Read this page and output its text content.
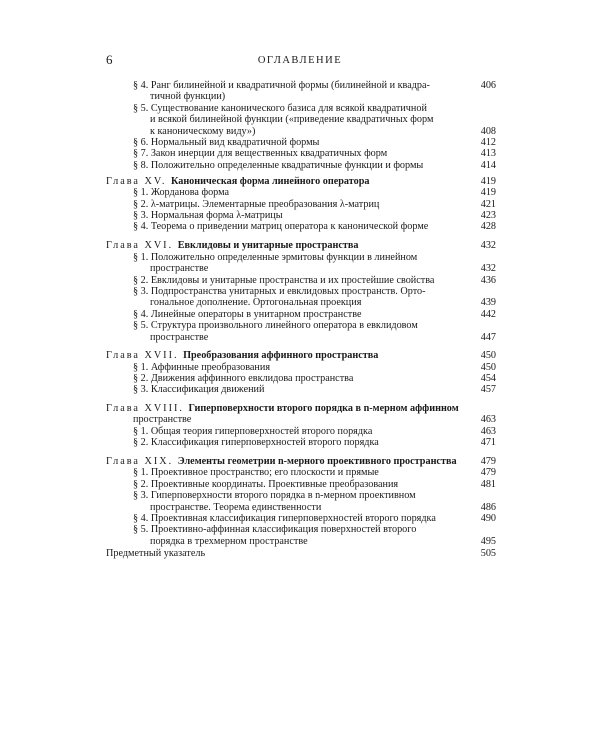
6	ОГЛАВЛЕНИЕ
§ 4. Ранг билинейной и квадратичной формы (билинейной и квадра-	406
тичной функции)
§ 5. Существование канонического базиса для всякой квадратичной
и всякой билинейной функции («приведение квадратичных форм
к каноническому виду»)	408
§ 6. Нормальный вид квадратичной формы	412
§ 7. Закон инерции для вещественных квадратичных форм	413
§ 8. Положительно определенные квадратичные функции и формы	414
Глава XV. Каноническая форма линейного оператора	419
§ 1. Жорданова форма	419
§ 2. λ-матрицы. Элементарные преобразования λ-матриц	421
§ 3. Нормальная форма λ-матрицы	423
§ 4. Теорема о приведении матриц оператора к канонической форме	428
Глава XVI. Евклидовы и унитарные пространства	432
§ 1. Положительно определенные эрмитовы функции в линейном
пространстве	432
§ 2. Евклидовы и унитарные пространства и их простейшие свойства	436
§ 3. Подпространства унитарных и евклидовых пространств. Орто-
гональное дополнение. Ортогональная проекция	439
§ 4. Линейные операторы в унитарном пространстве	442
§ 5. Структура произвольного линейного оператора в евклидовом
пространстве	447
Глава XVII. Преобразования аффинного пространства	450
§ 1. Аффинные преобразования	450
§ 2. Движения аффинного евклидова пространства	454
§ 3. Классификация движений	457
Глава XVIII. Гиперповерхности второго порядка в n-мерном аффинном
пространстве	463
§ 1. Общая теория гиперповерхностей второго порядка	463
§ 2. Классификация гиперповерхностей второго порядка	471
Глава XIX. Элементы геометрии n-мерного проективного пространства 479
§ 1. Проективное пространство; его плоскости и прямые	479
§ 2. Проективные координаты. Проективные преобразования	481
§ 3. Гиперповерхности второго порядка в n-мерном проективном
пространстве. Теорема единственности	486
§ 4. Проективная классификация гиперповерхностей второго порядка	490
§ 5. Проективно-аффинная классификация поверхностей второго
порядка в трехмерном пространстве	495
Предметный указатель	505
